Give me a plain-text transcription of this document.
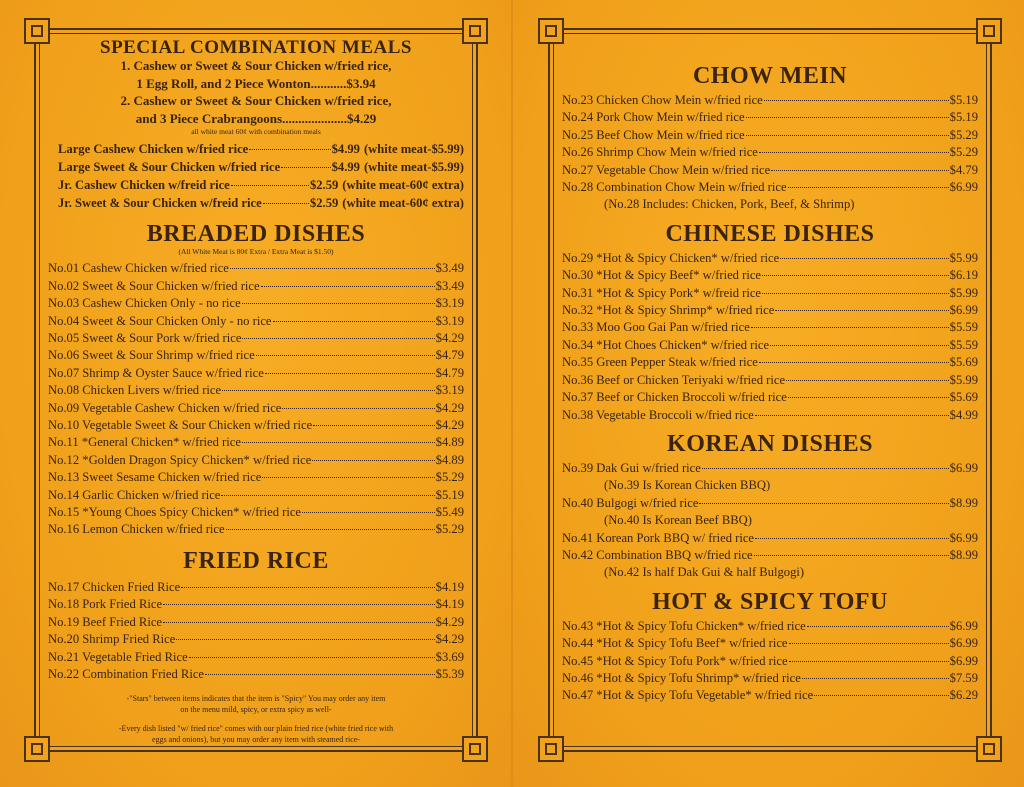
SPECIAL COMBINATION MEALS
1. Cashew or Sweet & Sour Chicken w/fried rice,
1 Egg Roll, and 2 Piece Wonton...........$3.94
2. Cashew or Sweet & Sour Chicken w/fried rice,
and 3 Piece Crabrangoons....................$4.29
all white meat 60¢ with combination meals
Large Cashew Chicken w/fried rice	$4.99 (white meat-$5.99)
Large Sweet & Sour Chicken w/fried rice	$4.99 (white meat-$5.99)
Jr. Cashew Chicken w/freid rice	$2.59 (white meat-60¢ extra)
Jr. Sweet & Sour Chicken w/freid rice	$2.59 (white meat-60¢ extra)
BREADED DISHES
(All White Meat is 80¢ Extra / Extra Meat is $1.50)
No.01 Cashew Chicken w/fried rice	$3.49
No.02 Sweet & Sour Chicken w/fried rice	$3.49
No.03 Cashew Chicken Only - no rice	$3.19
No.04 Sweet & Sour Chicken Only - no rice	$3.19
No.05 Sweet & Sour Pork w/fried rice	$4.29
No.06 Sweet & Sour Shrimp w/fried rice	$4.79
No.07 Shrimp & Oyster Sauce w/fried rice	$4.79
No.08 Chicken Livers w/fried rice	$3.19
No.09 Vegetable Cashew Chicken w/fried rice	$4.29
No.10 Vegetable Sweet & Sour Chicken w/fried rice	$4.29
No.11 *General Chicken* w/fried rice	$4.89
No.12 *Golden Dragon Spicy Chicken* w/fried rice	$4.89
No.13 Sweet Sesame Chicken w/fried rice	$5.29
No.14 Garlic Chicken w/fried rice	$5.19
No.15 *Young Choes Spicy Chicken* w/fried rice	$5.49
No.16 Lemon Chicken w/fried rice	$5.29
FRIED RICE
No.17 Chicken Fried Rice	$4.19
No.18 Pork Fried Rice	$4.19
No.19 Beef Fried Rice	$4.29
No.20 Shrimp Fried Rice	$4.29
No.21 Vegetable Fried Rice	$3.69
No.22 Combination Fried Rice	$5.39
-"Stars" between items indicates that the item is "Spicy" You may order any item
on the menu mild, spicy, or extra spicy as well-
-Every dish listed "w/ fried rice" comes with our plain fried rice (white fried rice with
eggs and onions), but you may order any item with steamed rice-
CHOW MEIN
No.23 Chicken Chow Mein w/fried rice	$5.19
No.24 Pork Chow Mein w/fried rice	$5.19
No.25 Beef Chow Mein w/fried rice	$5.29
No.26 Shrimp Chow Mein w/fried rice	$5.29
No.27 Vegetable Chow Mein w/fried rice	$4.79
No.28 Combination Chow Mein w/fried rice	$6.99
(No.28 Includes: Chicken, Pork, Beef, & Shrimp)
CHINESE DISHES
No.29 *Hot & Spicy Chicken* w/fried rice	$5.99
No.30 *Hot & Spicy Beef* w/fried rice	$6.19
No.31 *Hot & Spicy Pork* w/freid rice	$5.99
No.32 *Hot & Spicy Shrimp* w/fried rice	$6.99
No.33 Moo Goo Gai Pan w/fried rice	$5.59
No.34 *Hot Choes Chicken* w/fried rice	$5.59
No.35 Green Pepper Steak w/fried rice	$5.69
No.36 Beef or Chicken Teriyaki w/fried rice	$5.99
No.37 Beef or Chicken Broccoli w/fried rice	$5.69
No.38 Vegetable Broccoli w/fried rice	$4.99
KOREAN DISHES
No.39 Dak Gui w/fried rice	$6.99
(No.39 Is Korean Chicken BBQ)
No.40 Bulgogi w/fried rice	$8.99
(No.40 Is Korean Beef BBQ)
No.41 Korean Pork BBQ w/ fried rice	$6.99
No.42 Combination BBQ w/fried rice	$8.99
(No.42 Is half Dak Gui & half Bulgogi)
HOT & SPICY TOFU
No.43 *Hot & Spicy Tofu Chicken* w/fried rice	$6.99
No.44 *Hot & Spicy Tofu Beef* w/fried rice	$6.99
No.45 *Hot & Spicy Tofu Pork* w/fried rice	$6.99
No.46 *Hot & Spicy Tofu Shrimp* w/fried rice	$7.59
No.47 *Hot & Spicy Tofu Vegetable* w/fried rice	$6.29
